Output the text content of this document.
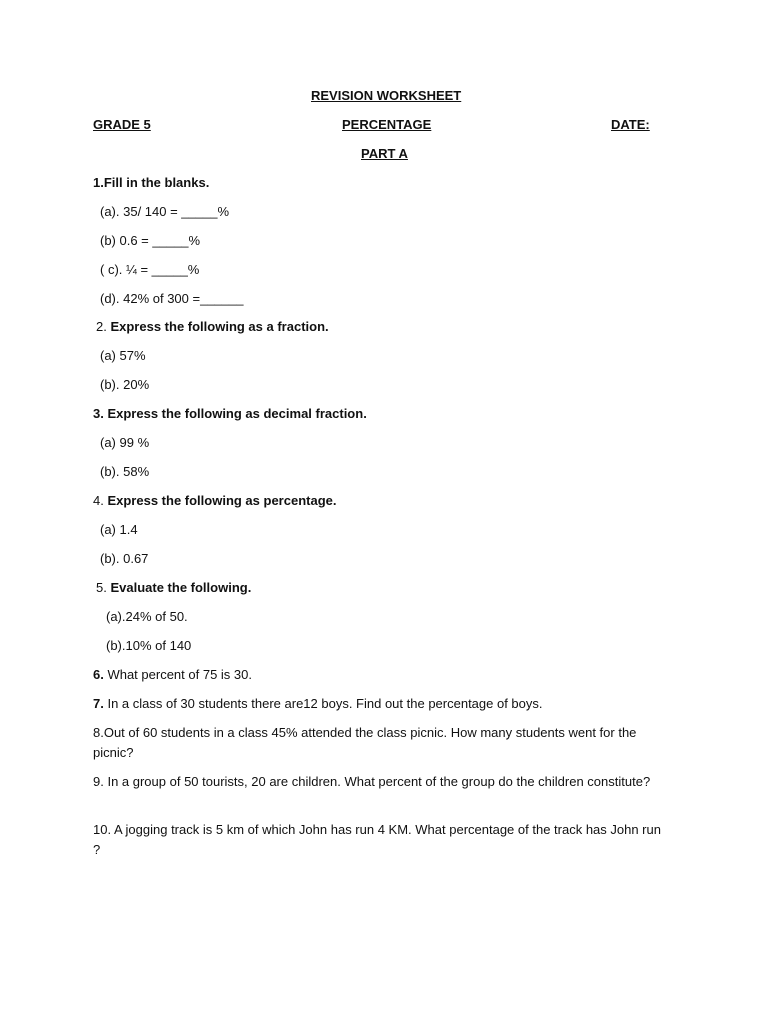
REVISION WORKSHEET
GRADE 5	PERCENTAGE	DATE:
PART A
1.Fill in the blanks.
(a). 35/ 140 = _____%
(b) 0.6 = _____%
( c). ¼ = _____%
(d). 42% of 300 =______
2. Express the following as a fraction.
(a) 57%
(b). 20%
3. Express the following as decimal fraction.
(a) 99 %
(b). 58%
4. Express the following as percentage.
(a) 1.4
(b). 0.67
5. Evaluate the following.
(a).24% of 50.
(b).10% of 140
6. What percent of 75 is 30.
7. In a class of 30 students there are12 boys. Find out the percentage of boys.
8.Out of 60 students in a class 45% attended the class picnic. How many students went for the picnic?
9. In a group of 50 tourists, 20 are children. What percent of the group do the children constitute?
10. A jogging track is 5 km of which John has run 4 KM. What percentage of the track has John run ?
